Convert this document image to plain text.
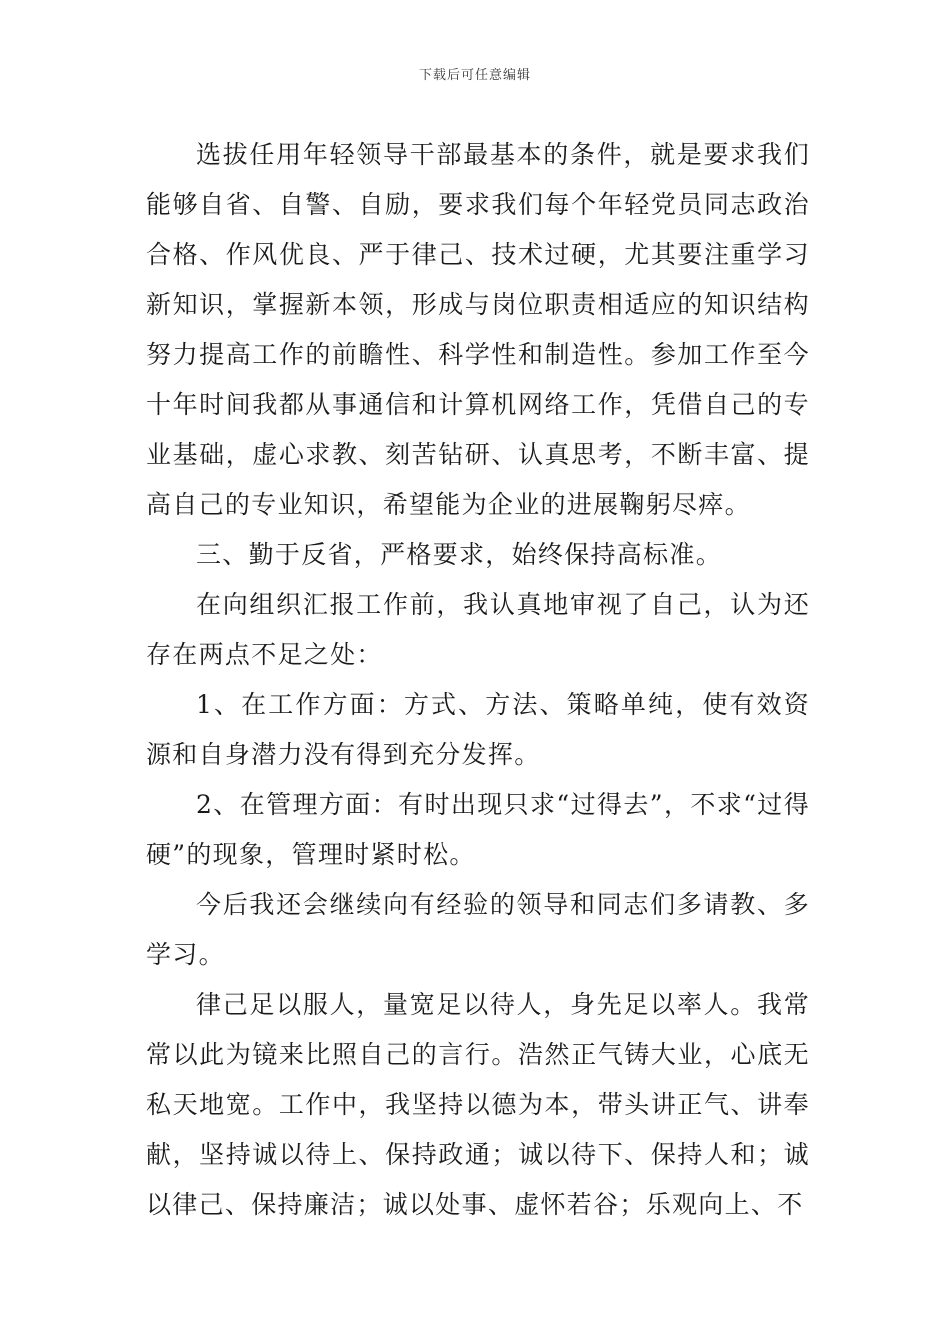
下载后可任意编辑

选拔任用年轻领导干部最基本的条件，就是要求我们能够自省、自警、自励，要求我们每个年轻党员同志政治合格、作风优良、严于律己、技术过硬，尤其要注重学习新知识，掌握新本领，形成与岗位职责相适应的知识结构努力提高工作的前瞻性、科学性和制造性。参加工作至今十年时间我都从事通信和计算机网络工作，凭借自己的专业基础，虚心求教、刻苦钻研、认真思考，不断丰富、提高自己的专业知识，希望能为企业的进展鞠躬尽瘁。

三、勤于反省，严格要求，始终保持高标准。

在向组织汇报工作前，我认真地审视了自己，认为还存在两点不足之处：

1、在工作方面：方式、方法、策略单纯，使有效资源和自身潜力没有得到充分发挥。

2、在管理方面：有时出现只求“过得去”，不求“过得硬”的现象，管理时紧时松。

今后我还会继续向有经验的领导和同志们多请教、多学习。

律己足以服人，量宽足以待人，身先足以率人。我常常以此为镜来比照自己的言行。浩然正气铸大业，心底无私天地宽。工作中，我坚持以德为本，带头讲正气、讲奉献，坚持诚以待上、保持政通；诚以待下、保持人和；诚以律己、保持廉洁；诚以处事、虚怀若谷；乐观向上、不
